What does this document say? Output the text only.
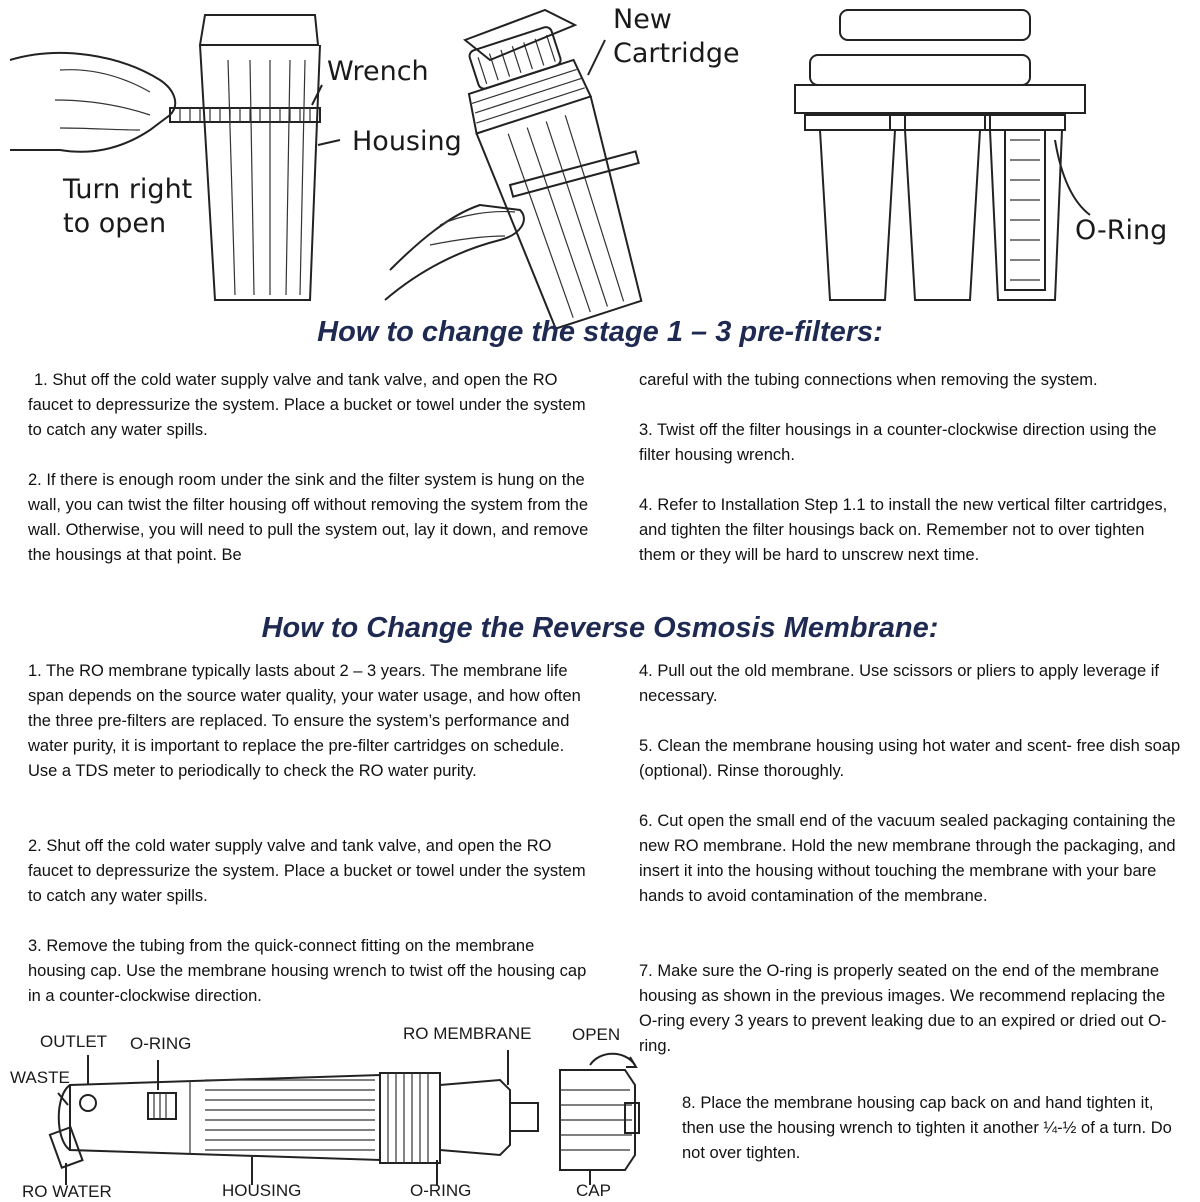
Wrench
Housing
Turn right
to open
New
Cartridge
O-Ring
How to change the stage 1 – 3 pre-filters:

1. Shut off the cold water supply valve and tank valve, and open the RO faucet to depressurize the system. Place a bucket or towel under the system to catch any water spills.

2. If there is enough room under the sink and the filter system is hung on the wall, you can twist the filter housing off without removing the system from the wall. Otherwise, you will need to pull the system out, lay it down, and remove the housings at that point. Be

careful with the tubing connections when removing the system.

3. Twist off the filter housings in a counter-clockwise direction using the filter housing wrench.

4. Refer to Installation Step 1.1 to install the new vertical filter cartridges, and tighten the filter housings back on. Remember not to over tighten them or they will be hard to unscrew next time.

How to Change the Reverse Osmosis Membrane:

1. The RO membrane typically lasts about 2 – 3 years. The membrane life span depends on the source water quality, your water usage, and how often the three pre-filters are replaced. To ensure the system’s performance and water purity, it is important to replace the pre-filter cartridges on schedule. Use a TDS meter to periodically to check the RO water purity.

2. Shut off the cold water supply valve and tank valve, and open the RO faucet to depressurize the system. Place a bucket or towel under the system to catch any water spills.

3. Remove the tubing from the quick-connect fitting on the membrane housing cap. Use the membrane housing wrench to twist off the housing cap in a counter-clockwise direction.

4. Pull out the old membrane. Use scissors or pliers to apply leverage if necessary.

5. Clean the membrane housing using hot water and scent- free dish soap (optional). Rinse thoroughly.

6. Cut open the small end of the vacuum sealed packaging containing the new RO membrane. Hold the new membrane through the packaging, and insert it into the housing without touching the membrane with your bare hands to avoid contamination of the membrane.

7. Make sure the O-ring is properly seated on the end of the membrane housing as shown in the previous images. We recommend replacing the O-ring every 3 years to prevent leaking due to an expired or dried out O-ring.

8. Place the membrane housing cap back on and hand tighten it, then use the housing wrench to tighten it another ¼-½ of a turn. Do not over tighten.

OUTLET O-RING
WASTE
RO MEMBRANE OPEN
RO WATER	HOUSING	O-RING	CAP
